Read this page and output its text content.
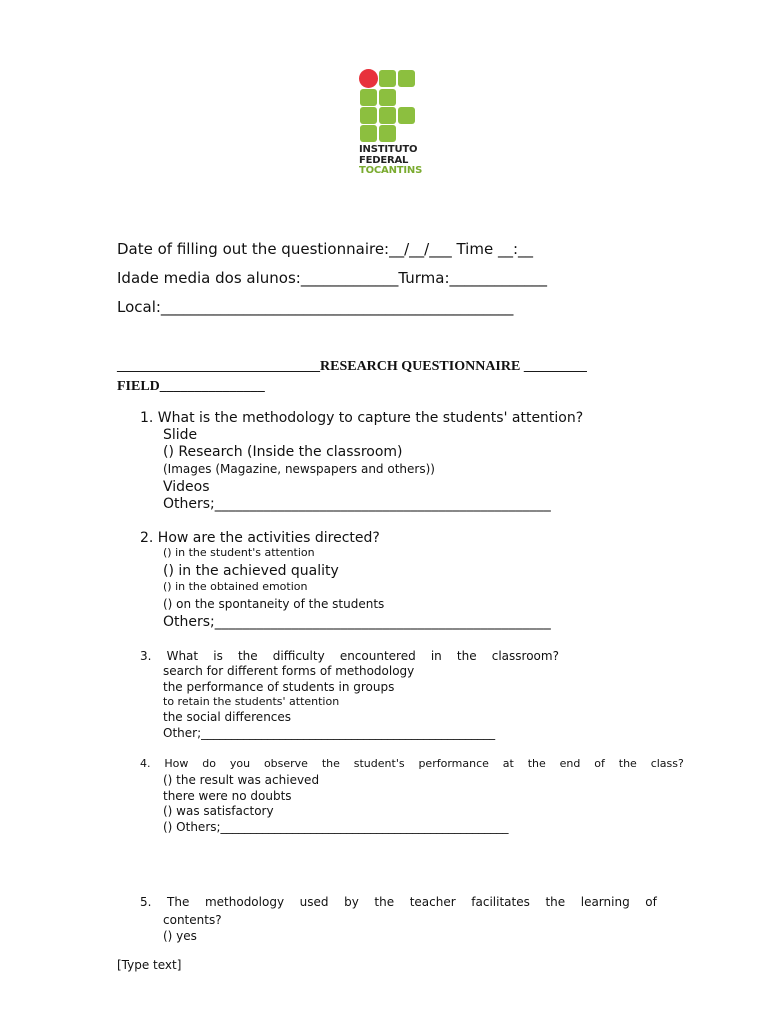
INSTITUTO
FEDERAL
TOCANTINS
Date of filling out the questionnaire:__/__/___ Time __:__
Idade media dos alunos:_____________Turma:_____________
Local:_______________________________________________
_____________________________RESEARCH QUESTIONNAIRE _________
FIELD_______________
1. What is the methodology to capture the students' attention?
Slide
() Research (Inside the classroom)
(Images (Magazine, newspapers and others))
Videos
Others;________________________________________________
2. How are the activities directed?
() in the student's attention
() in the achieved quality
() in the obtained emotion
() on the spontaneity of the students
Others;________________________________________________
3. What is the difficulty encountered in the classroom?
search for different forms of methodology
the performance of students in groups
to retain the students' attention
the social differences
Other;_________________________________________________
4. How do you observe the student's performance at the end of the class?
() the result was achieved
there were no doubts
() was satisfactory
() Others;________________________________________________
5. The methodology used by the teacher facilitates the learning of
contents?
() yes
[Type text]
